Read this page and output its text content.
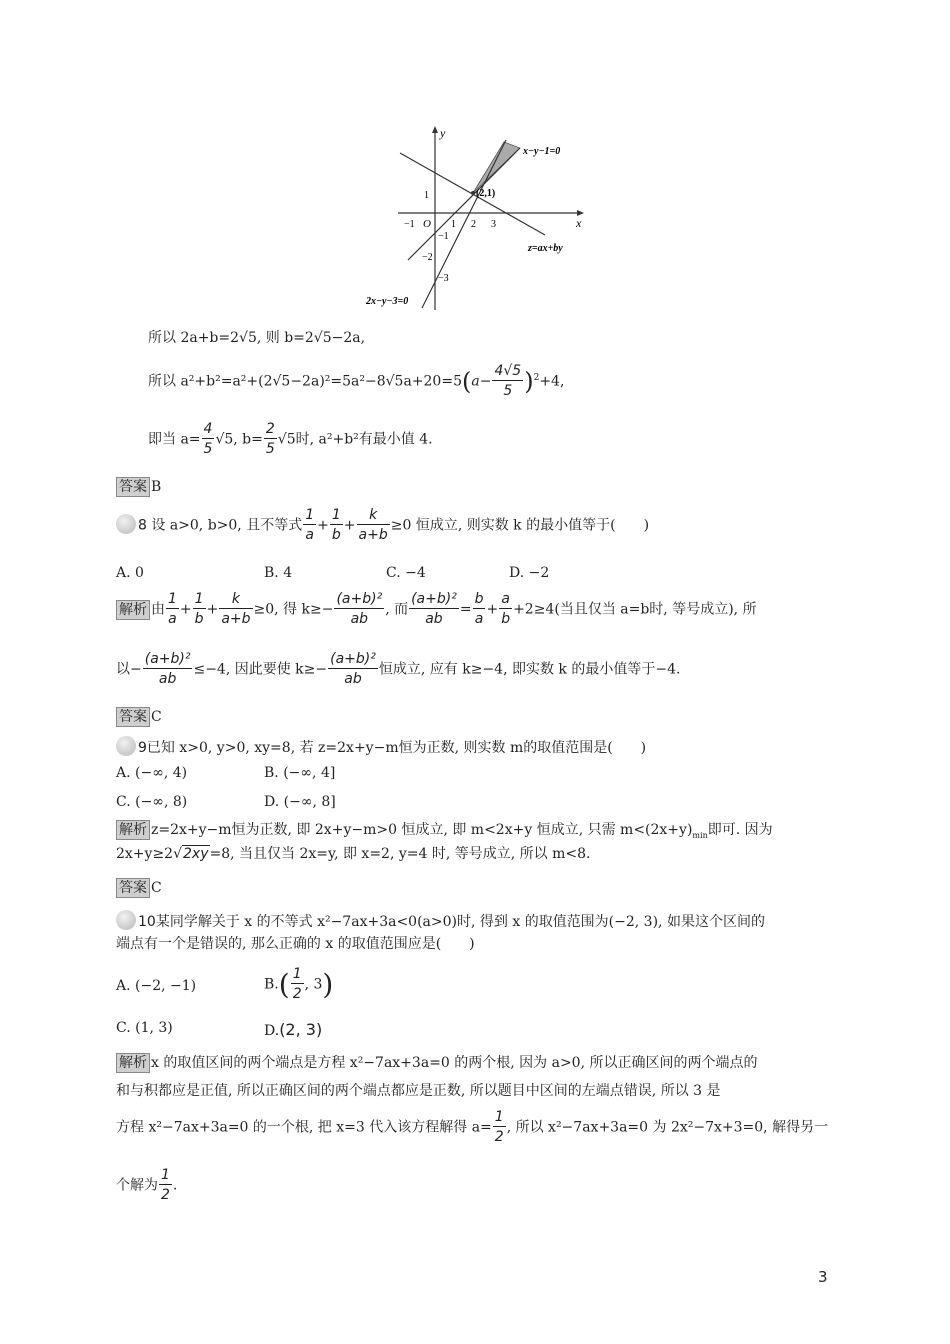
y
x
O
−1	1 2 3
1
−1
−2
−3
x−y−1=0
(2,1)
z=ax+by
2x−y−3=0
所以 2a+b=2√5, 则 b=2√5−2a,
所以 $a^2+b^2=a^2+(2√5-2a)^2=5a^2-8√5a+20=5(a- \frac{4√5}{5} )^2+4$,
即当 $a= \frac{4}{5} √5$, $b= \frac{2}{5} √5$时, a²+b²有最小值 4.
答案 B
8 设 a>0, b>0, 且不等式 $\frac{1}{a} + \frac{1}{b} + \frac{k}{a+b} \ge 0$ 恒成立, 则实数 k 的最小值等于(　　)
A. 0	B. 4	C. −4	D. −2
解析 由 $\frac{1}{a} + \frac{1}{b} + \frac{k}{a+b} \ge 0$, 得 $k\ge- \frac{\text{(a+b)²}}{ab}$ , 而 $\frac{\text{(a+b)²}}{ab} = \frac{b}{a} + \frac{a}{b} +2\ge 4$(当且仅当 a=b时, 等号成立), 所
以− $\frac{\text{(a+b)²}}{ab} \le-4$, 因此要使 $k\ge- \frac{\text{(a+b)²}}{ab}$ 恒成立, 应有 k≥−4, 即实数 k 的最小值等于−4.
答案 C
9已知 x>0, y>0, xy=8, 若 z=2x+y−m恒为正数, 则实数 m的取值范围是(　　)
A. (−∞, 4)	B. (−∞, 4]
C. (−∞, 8)	D. (−∞, 8]
解析 z=2x+y−m恒为正数, 即 2x+y−m>0 恒成立, 即 m<2x+y 恒成立, 只需 $m<(2x+y)_{min}$即可. 因为
2x+y≥2√2xy=8, 当且仅当 2x=y, 即 x=2, y=4 时, 等号成立, 所以 m<8.
答案 C
10某同学解关于 x 的不等式 x²−7ax+3a<0(a>0)时, 得到 x 的取值范围为(−2, 3), 如果这个区间的
端点有一个是错误的, 那么正确的 x 的取值范围应是(　　)
A. (−2, −1)	$B.( \frac{1}{2}$ , 3)
C. (1, 3)	D.(2, 3)
解析 x 的取值区间的两个端点是方程 x²−7ax+3a=0 的两个根, 因为 a>0, 所以正确区间的两个端点的
和与积都应是正值, 所以正确区间的两个端点都应是正数, 所以题目中区间的左端点错误, 所以 3 是
方程 x²−7ax+3a=0 的一个根, 把 x=3 代入该方程解得 $a= \frac{1}{2}$ , 所以 x²−7ax+3a=0 为 2x²−7x+3=0, 解得另一
个解为 $\frac{1}{2}$ .
3
